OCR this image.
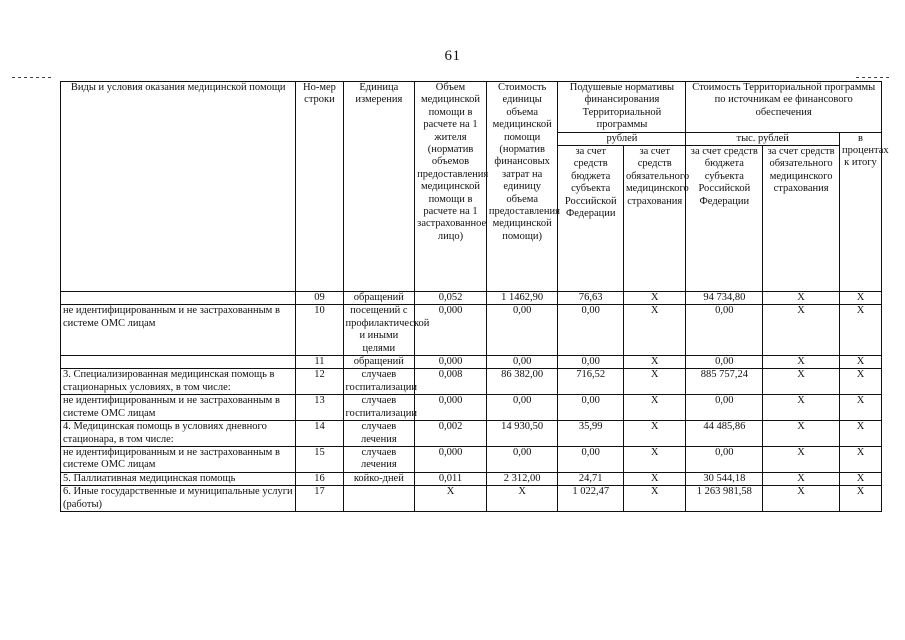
61
Виды и условия оказания медицинской помощи	Но-мер строки	Единица измерения	Объем медицинской помощи в расчете на 1 жителя (норматив объемов предоставления медицинской помощи в расчете на 1 застрахованное лицо)	Стоимость единицы объема медицинской помощи (норматив финансовых затрат на единицу объема предоставления медицинской помощи)	Подушевые нормативы финансирования Территориальной программы		Стоимость Территориальной программы по источникам ее финансового обеспечения		
					рублей		тыс. рублей		в процентах к итогу
					за счет средств бюджета субъекта Российской Федерации	за счет средств обязательного медицинского страхования	за счет средств бюджета субъекта Российской Федерации	за счет средств обязательного медицинского страхования	
	09	обращений	0,052	1 1462,90	76,63	X	94 734,80	X	X
не идентифицированным и не застрахованным в системе ОМС лицам	10	посещений с профилактической и иными целями	0,000	0,00	0,00	X	0,00	X	X
	11	обращений	0,000	0,00	0,00	X	0,00	X	X
3. Специализированная медицинская помощь в стационарных условиях, в том числе:	12	случаев госпитализации	0,008	86 382,00	716,52	X	885 757,24	X	X
не идентифицированным и не застрахованным в системе ОМС лицам	13	случаев госпитализации	0,000	0,00	0,00	X	0,00	X	X
4. Медицинская помощь в условиях дневного стационара, в том числе:	14	случаев лечения	0,002	14 930,50	35,99	X	44 485,86	X	X
не идентифицированным и не застрахованным в системе ОМС лицам	15	случаев лечения	0,000	0,00	0,00	X	0,00	X	X
5. Паллиативная медицинская помощь	16	койко-дней	0,011	2 312,00	24,71	X	30 544,18	X	X
6. Иные государственные и муниципальные услуги (работы)	17		X	X	1 022,47	X	1 263 981,58	X	X
